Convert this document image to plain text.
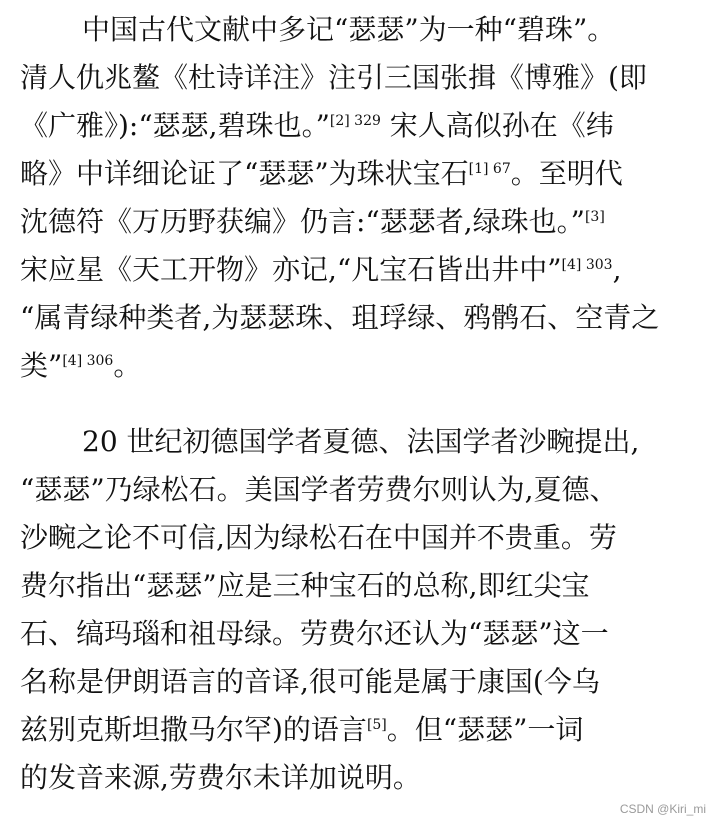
中国古代文献中多记“瑟瑟”为一种“碧珠”。
清人仇兆鳌《杜诗详注》注引三国张揖《博雅》(即
《广雅》):“瑟瑟,碧珠也。”$^{[2] 329}$ 宋人高似孙在《纬
略》中详细论证了“瑟瑟”为珠状宝石$^{[1] 67}$。至明代
沈德符《万历野获编》仍言:“瑟瑟者,绿珠也。”[3]
宋应星《天工开物》亦记,“凡宝石皆出井中”$^{[4] 303}$,
“属青绿种类者,为瑟瑟珠、珇琈绿、鸦鹘石、空青之
类”$^{[4] 306}$。
20 世纪初德国学者夏德、法国学者沙畹提出,
“瑟瑟”乃绿松石。美国学者劳费尔则认为,夏德、
沙畹之论不可信,因为绿松石在中国并不贵重。劳
费尔指出“瑟瑟”应是三种宝石的总称,即红尖宝
石、缟玛瑙和祖母绿。劳费尔还认为“瑟瑟”这一
名称是伊朗语言的音译,很可能是属于康国(今乌
兹别克斯坦撒马尔罕)的语言[5]。但“瑟瑟”一词
的发音来源,劳费尔未详加说明。
CSDN @Kiri_mi
